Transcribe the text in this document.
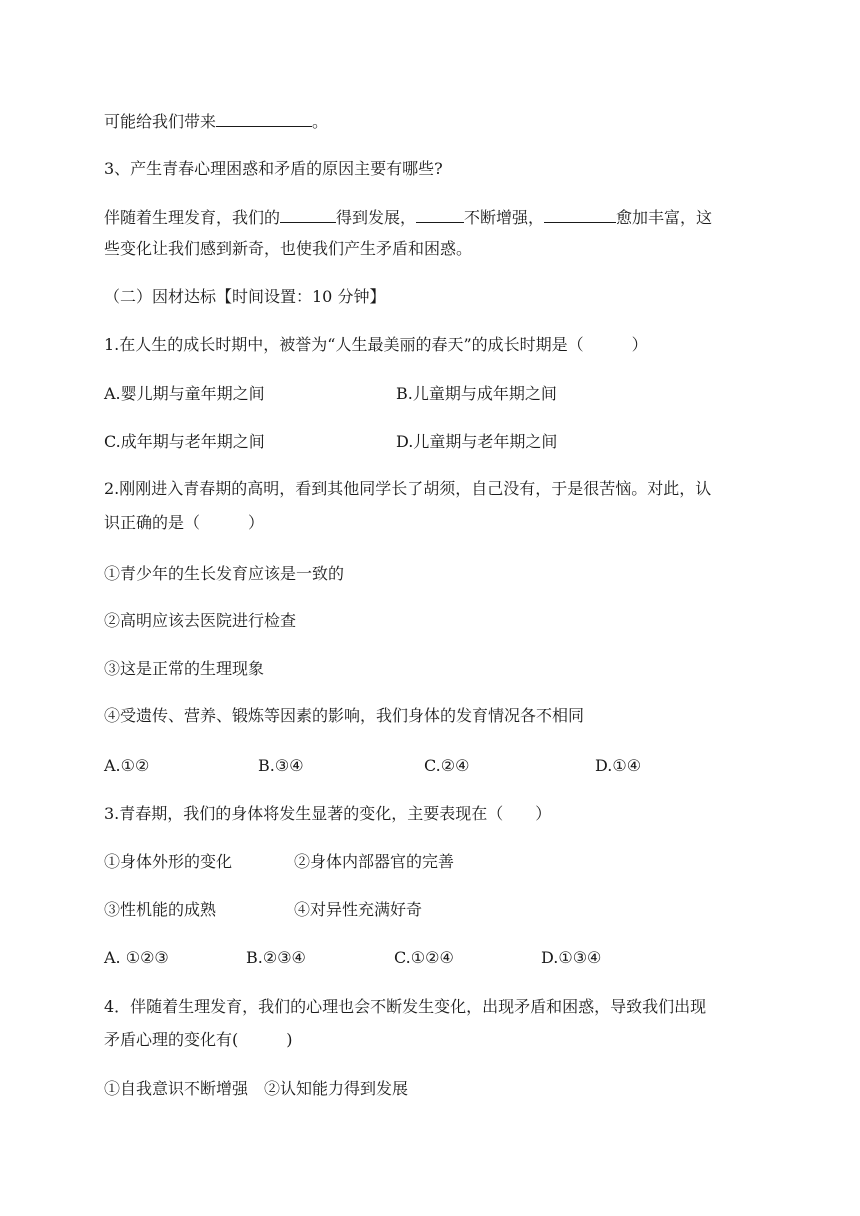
可能给我们带来	。
3、产生青春心理困惑和矛盾的原因主要有哪些?
伴随着生理发育，我们的	得到发展，	不断增强，	愈加丰富，这
些变化让我们感到新奇，也使我们产生矛盾和困惑。
（二）因材达标【时间设置：10 分钟】
1.在人生的成长时期中，被誉为“人生最美丽的春天”的成长时期是（　　　）
A.婴儿期与童年期之间	B.儿童期与成年期之间
C.成年期与老年期之间	D.儿童期与老年期之间
2.刚刚进入青春期的高明，看到其他同学长了胡须，自己没有，于是很苦恼。对此，认
识正确的是（　　　）
①青少年的生长发育应该是一致的
②高明应该去医院进行检查
③这是正常的生理现象
④受遗传、营养、锻炼等因素的影响，我们身体的发育情况各不相同
A.①②	B.③④	C.②④	D.①④
3.青春期，我们的身体将发生显著的变化，主要表现在（　　）
①身体外形的变化	②身体内部器官的完善
③性机能的成熟	④对异性充满好奇
A. ①②③	B.②③④	C.①②④	D.①③④
4．伴随着生理发育，我们的心理也会不断发生变化，出现矛盾和困惑，导致我们出现
矛盾心理的变化有(　　　)
①自我意识不断增强　②认知能力得到发展
